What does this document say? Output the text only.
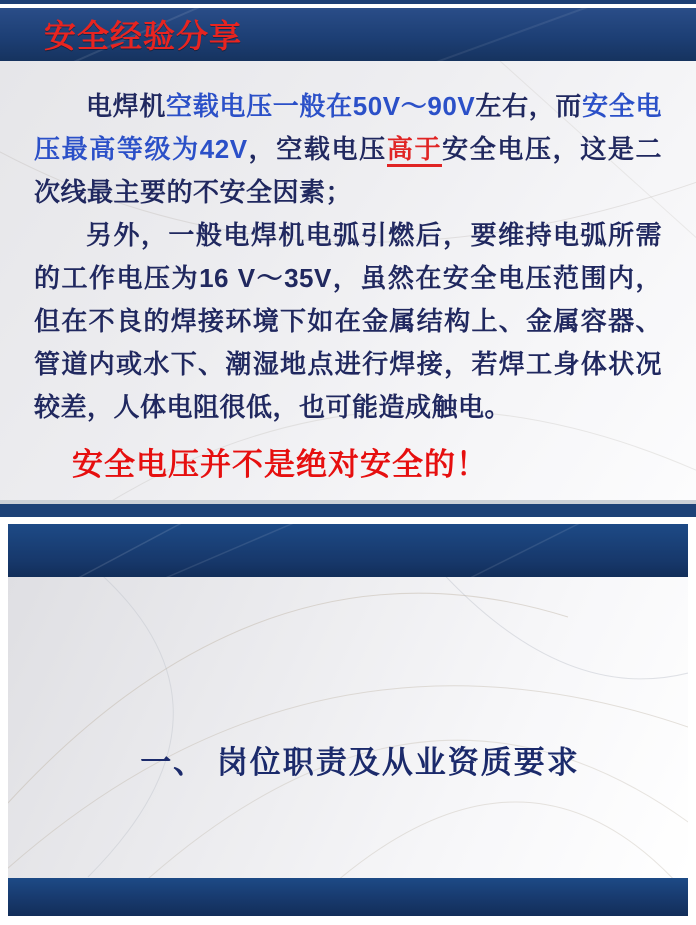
安全经验分享

电焊机空载电压一般在50V～90V左右，而安全电压最高等级为42V，空载电压高于安全电压，这是二次线最主要的不安全因素；

另外，一般电焊机电弧引燃后，要维持电弧所需的工作电压为16 V～35V，虽然在安全电压范围内，但在不良的焊接环境下如在金属结构上、金属容器、管道内或水下、潮湿地点进行焊接，若焊工身体状况较差，人体电阻很低，也可能造成触电。

安全电压并不是绝对安全的！

一、 岗位职责及从业资质要求
